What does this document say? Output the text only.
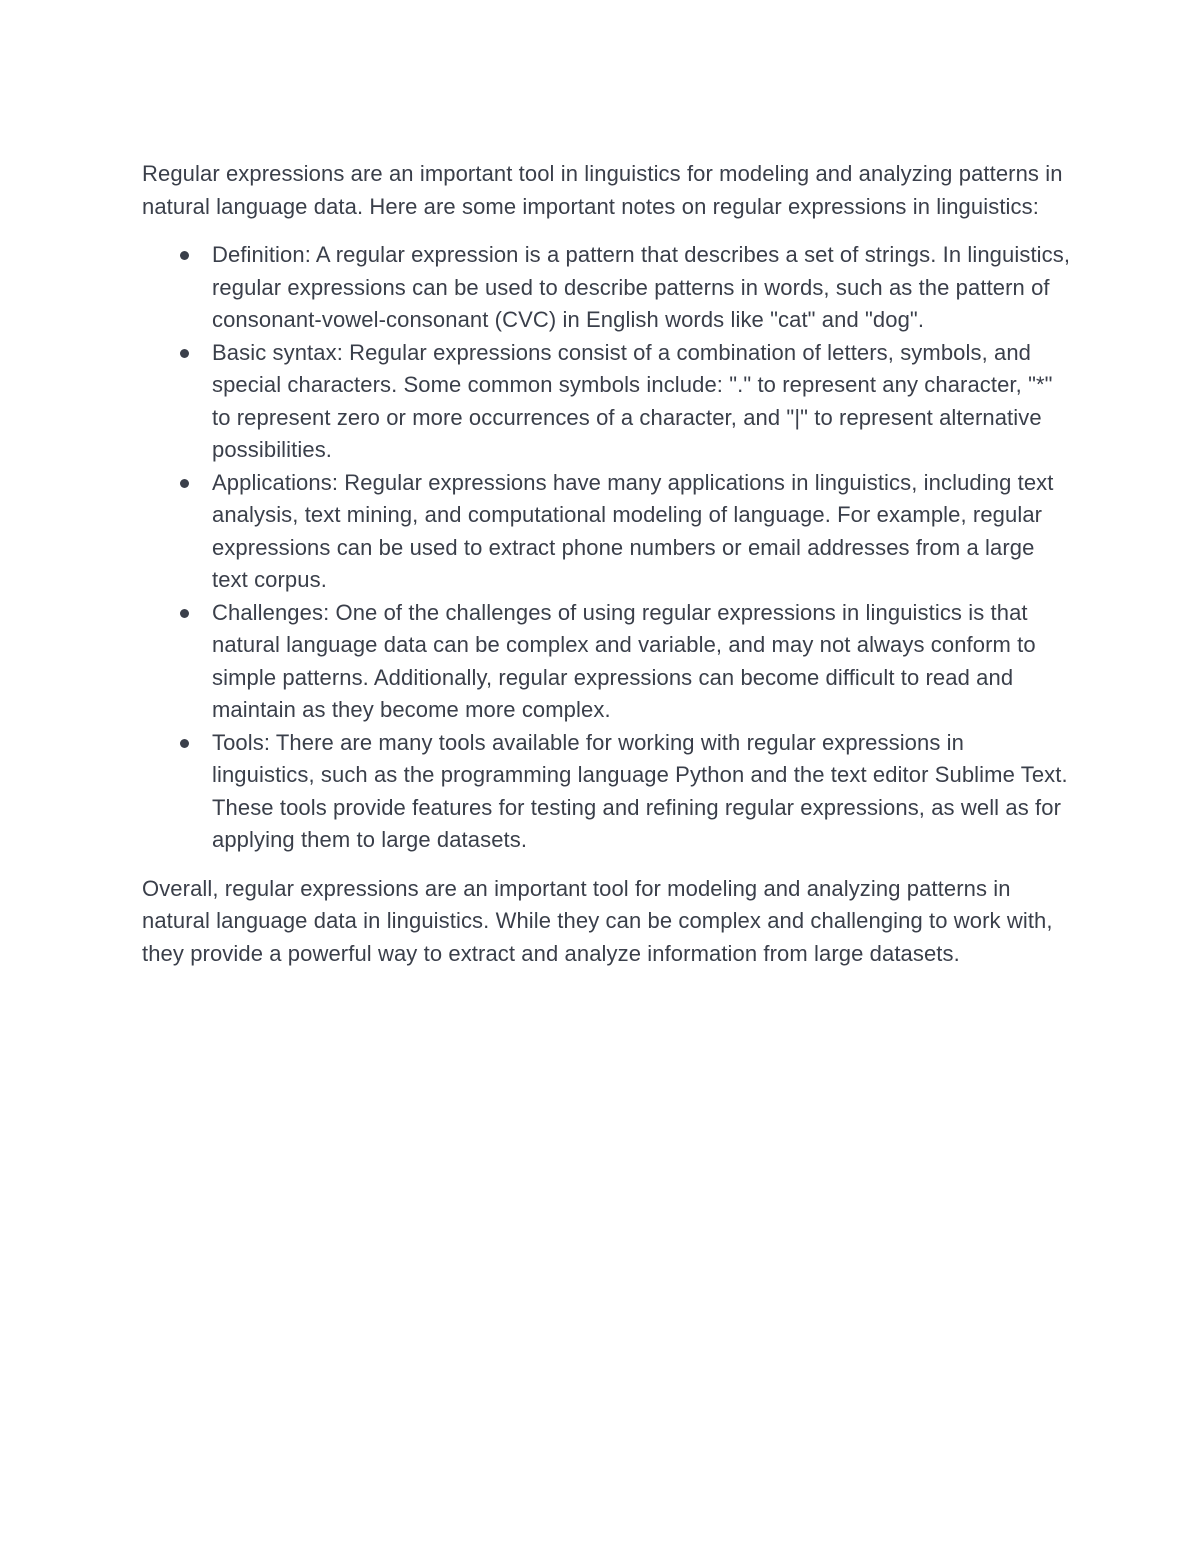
Regular expressions are an important tool in linguistics for modeling and analyzing patterns in natural language data. Here are some important notes on regular expressions in linguistics:

Definition: A regular expression is a pattern that describes a set of strings. In linguistics, regular expressions can be used to describe patterns in words, such as the pattern of consonant-vowel-consonant (CVC) in English words like "cat" and "dog".
Basic syntax: Regular expressions consist of a combination of letters, symbols, and special characters. Some common symbols include: "." to represent any character, "*" to represent zero or more occurrences of a character, and "|" to represent alternative possibilities.
Applications: Regular expressions have many applications in linguistics, including text analysis, text mining, and computational modeling of language. For example, regular expressions can be used to extract phone numbers or email addresses from a large text corpus.
Challenges: One of the challenges of using regular expressions in linguistics is that natural language data can be complex and variable, and may not always conform to simple patterns. Additionally, regular expressions can become difficult to read and maintain as they become more complex.
Tools: There are many tools available for working with regular expressions in linguistics, such as the programming language Python and the text editor Sublime Text. These tools provide features for testing and refining regular expressions, as well as for applying them to large datasets.

Overall, regular expressions are an important tool for modeling and analyzing patterns in natural language data in linguistics. While they can be complex and challenging to work with, they provide a powerful way to extract and analyze information from large datasets.
